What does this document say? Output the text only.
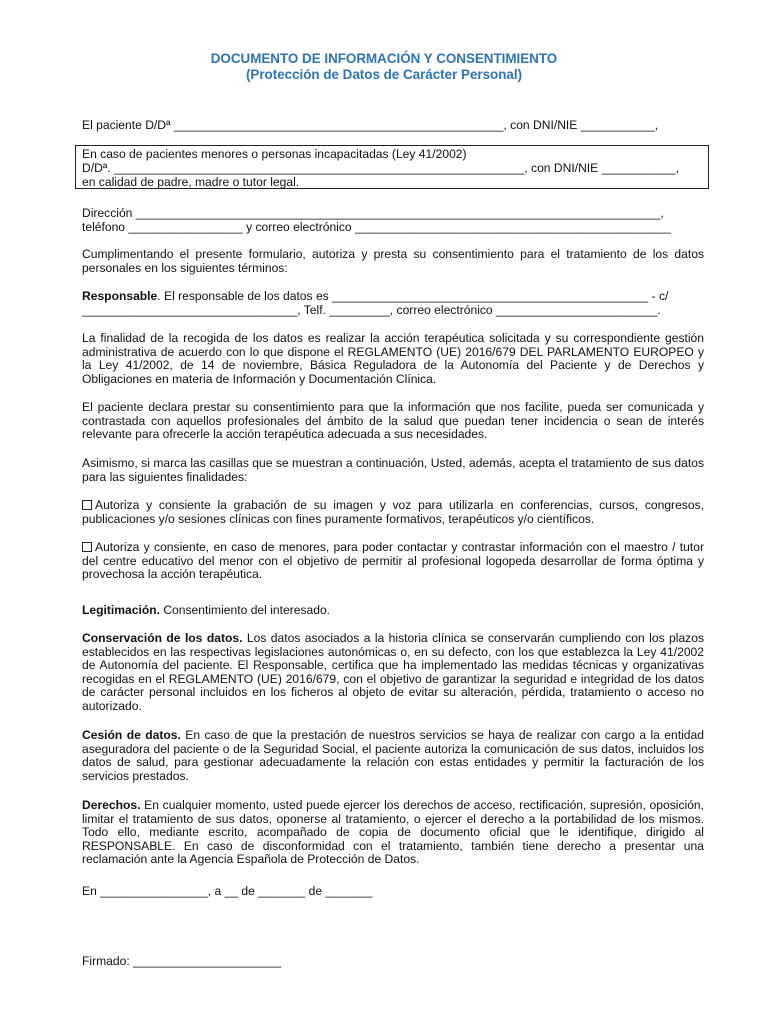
DOCUMENTO DE INFORMACIÓN Y CONSENTIMIENTO
(Protección de Datos de Carácter Personal)
El paciente D/Dª _________________________________________________, con DNI/NIE ___________,
En caso de pacientes menores o personas incapacitadas (Ley 41/2002)
D/Dª. _____________________________________________________________, con DNI/NIE ___________,
en calidad de padre, madre o tutor legal.
Dirección ______________________________________________________________________________,
teléfono _________________ y correo electrónico _______________________________________________
Cumplimentando el presente formulario, autoriza y presta su consentimiento para el tratamiento de los datos personales en los siguientes términos:
Responsable. El responsable de los datos es _______________________________________________ - c/
________________________________, Telf. _________, correo electrónico ________________________.
La finalidad de la recogida de los datos es realizar la acción terapéutica solicitada y su correspondiente gestión administrativa de acuerdo con lo que dispone el REGLAMENTO (UE) 2016/679 DEL PARLAMENTO EUROPEO y la Ley 41/2002, de 14 de noviembre, Básica Reguladora de la Autonomía del Paciente y de Derechos y Obligaciones en materia de Información y Documentación Clínica.
El paciente declara prestar su consentimiento para que la información que nos facilite, pueda ser comunicada y contrastada con aquellos profesionales del ámbito de la salud que puedan tener incidencia o sean de interés relevante para ofrecerle la acción terapéutica adecuada a sus necesidades.
Asimismo, si marca las casillas que se muestran a continuación, Usted, además, acepta el tratamiento de sus datos para las siguientes finalidades:
Autoriza y consiente la grabación de su imagen y voz para utilizarla en conferencias, cursos, congresos, publicaciones y/o sesiones clínicas con fines puramente formativos, terapéuticos y/o científicos.
Autoriza y consiente, en caso de menores, para poder contactar y contrastar información con el maestro / tutor del centre educativo del menor con el objetivo de permitir al profesional logopeda desarrollar de forma óptima y provechosa la acción terapéutica.
Legitimación. Consentimiento del interesado.
Conservación de los datos. Los datos asociados a la historia clínica se conservarán cumpliendo con los plazos establecidos en las respectivas legislaciones autonómicas o, en su defecto, con los que establezca la Ley 41/2002 de Autonomía del paciente. El Responsable, certifica que ha implementado las medidas técnicas y organizativas recogidas en el REGLAMENTO (UE) 2016/679, con el objetivo de garantizar la seguridad e integridad de los datos de carácter personal incluidos en los ficheros al objeto de evitar su alteración, pérdida, tratamiento o acceso no autorizado.
Cesión de datos. En caso de que la prestación de nuestros servicios se haya de realizar con cargo a la entidad aseguradora del paciente o de la Seguridad Social, el paciente autoriza la comunicación de sus datos, incluidos los datos de salud, para gestionar adecuadamente la relación con estas entidades y permitir la facturación de los servicios prestados.
Derechos. En cualquier momento, usted puede ejercer los derechos de acceso, rectificación, supresión, oposición, limitar el tratamiento de sus datos, oponerse al tratamiento, o ejercer el derecho a la portabilidad de los mismos. Todo ello, mediante escrito, acompañado de copia de documento oficial que le identifique, dirigido al RESPONSABLE. En caso de disconformidad con el tratamiento, también tiene derecho a presentar una reclamación ante la Agencia Española de Protección de Datos.
En ________________, a __ de _______ de _______
Firmado: ______________________
